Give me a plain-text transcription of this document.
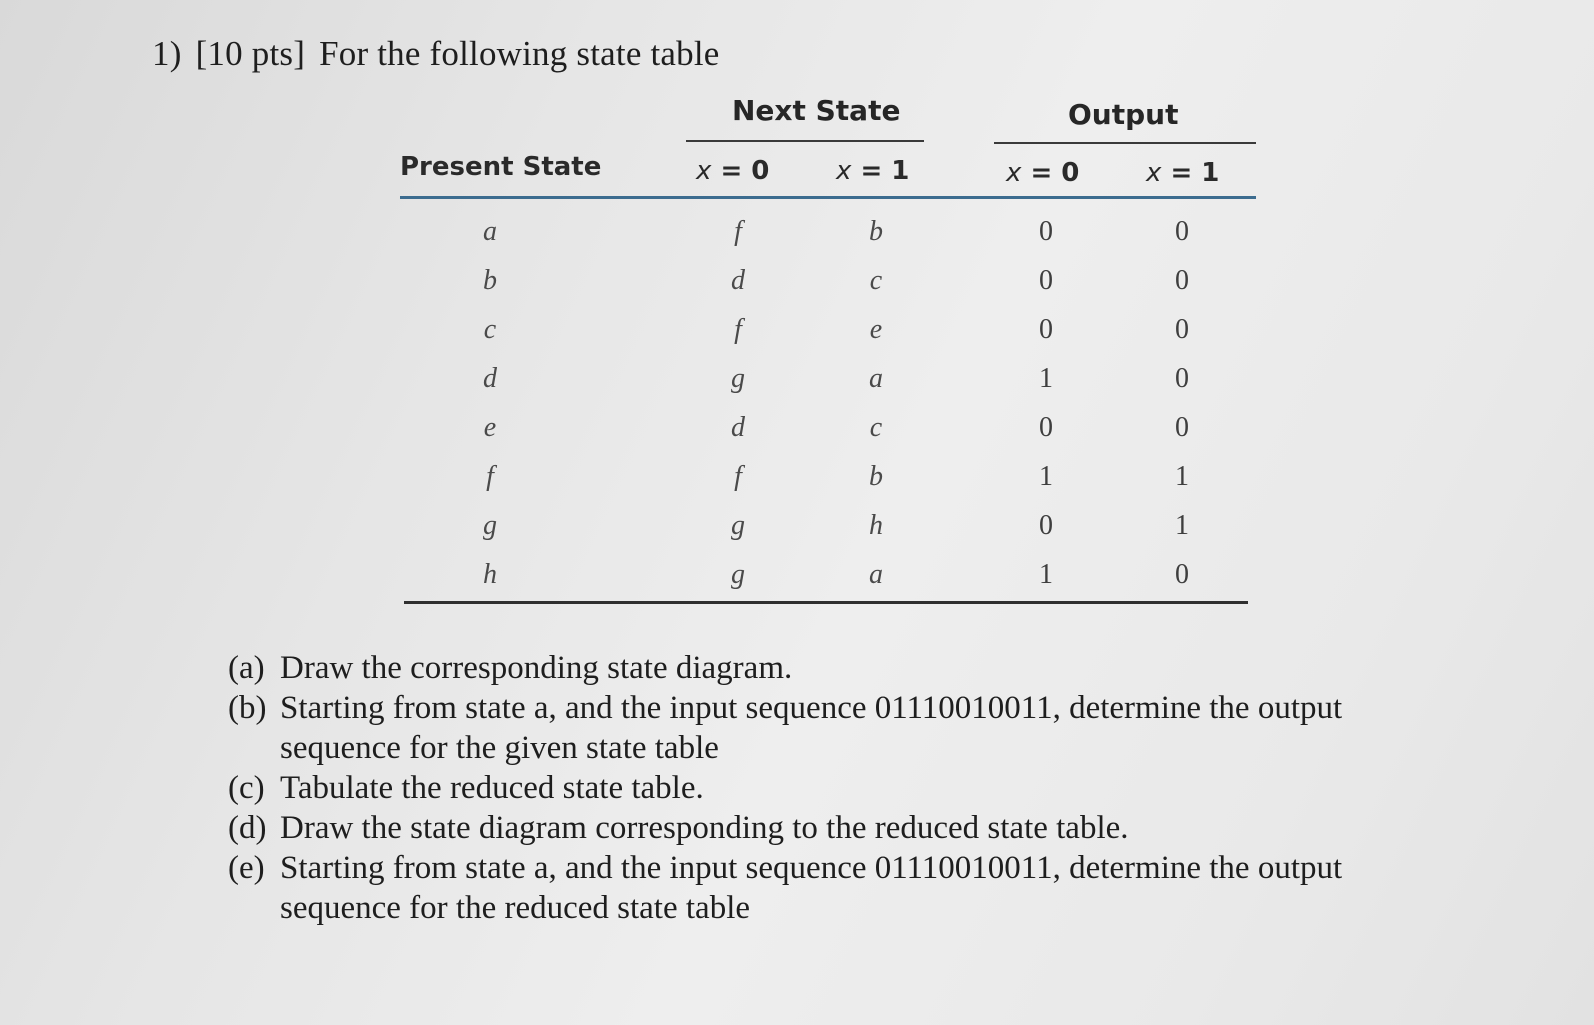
1) [10 pts] For the following state table
Next State	Output
Present State	x = 0	x = 1	x = 0	x = 1
a	f	b	0	0
b	d	c	0	0
c	f	e	0	0
d	g	a	1	0
e	d	c	0	0
f	f	b	1	1
g	g	h	0	1
h	g	a	1	0
(a) Draw the corresponding state diagram.
(b) Starting from state a, and the input sequence 01110010011, determine the output sequence for the given state table
(c) Tabulate the reduced state table.
(d) Draw the state diagram corresponding to the reduced state table.
(e) Starting from state a, and the input sequence 01110010011, determine the output sequence for the reduced state table
